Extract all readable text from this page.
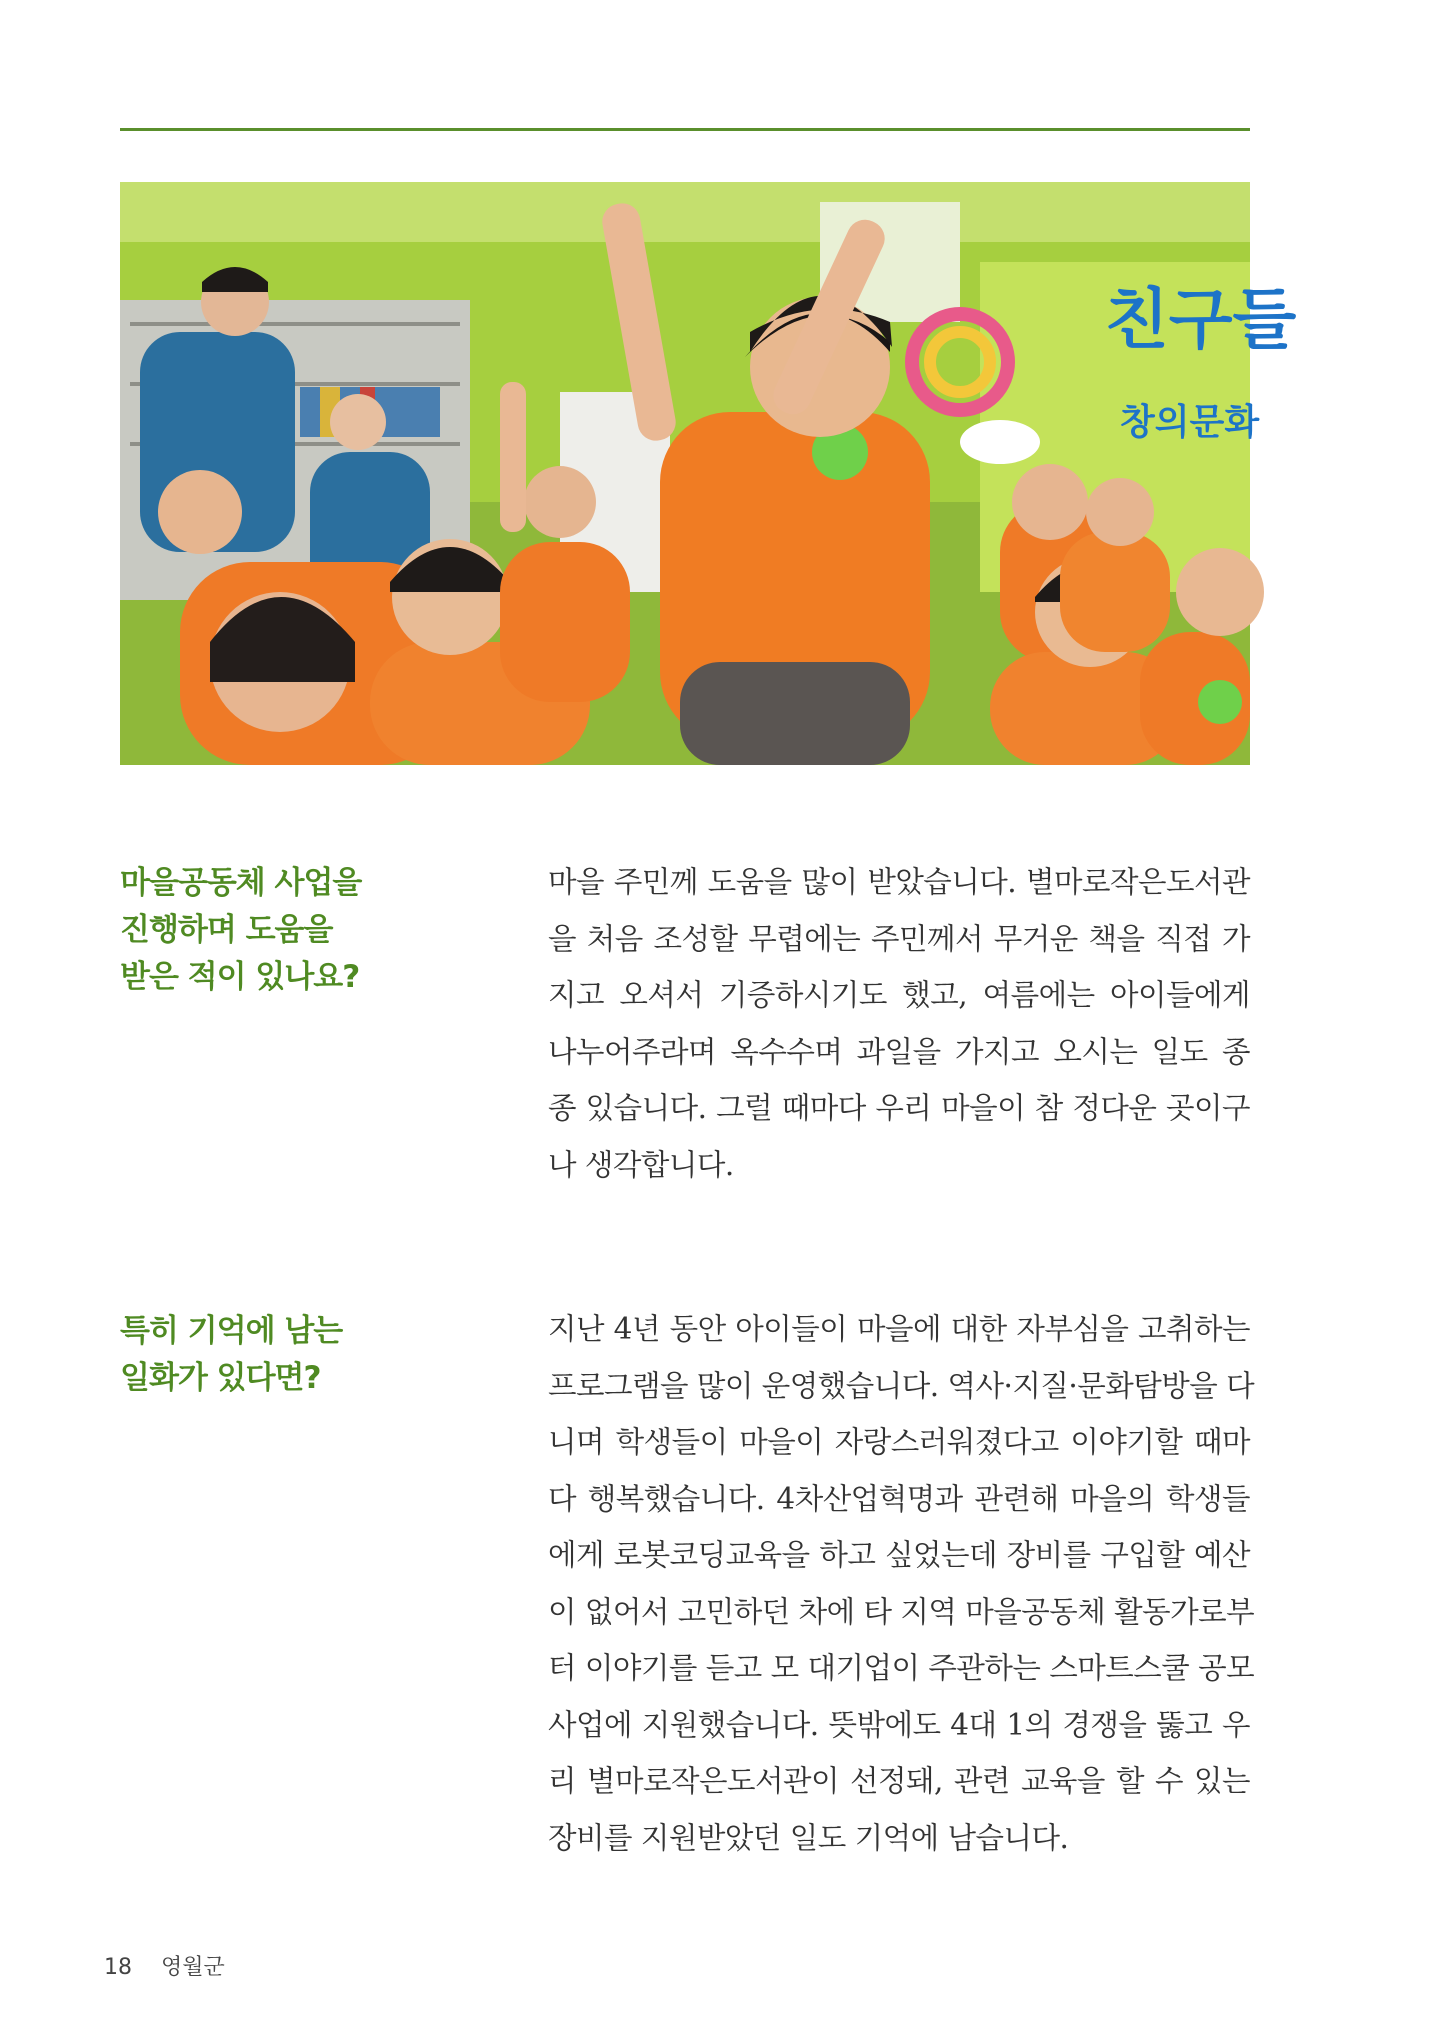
친구들
창의문화
마을공동체 사업을
진행하며 도움을
받은 적이 있나요?
마을 주민께 도움을 많이 받았습니다. 별마로작은도서관
을 처음 조성할 무렵에는 주민께서 무거운 책을 직접 가
지고 오셔서 기증하시기도 했고, 여름에는 아이들에게
나누어주라며 옥수수며 과일을 가지고 오시는 일도 종
종 있습니다. 그럴 때마다 우리 마을이 참 정다운 곳이구
나 생각합니다.
특히 기억에 남는
일화가 있다면?
지난 4년 동안 아이들이 마을에 대한 자부심을 고취하는
프로그램을 많이 운영했습니다. 역사·지질·문화탐방을 다
니며 학생들이 마을이 자랑스러워졌다고 이야기할 때마
다 행복했습니다. 4차산업혁명과 관련해 마을의 학생들
에게 로봇코딩교육을 하고 싶었는데 장비를 구입할 예산
이 없어서 고민하던 차에 타 지역 마을공동체 활동가로부
터 이야기를 듣고 모 대기업이 주관하는 스마트스쿨 공모
사업에 지원했습니다. 뜻밖에도 4대 1의 경쟁을 뚫고 우
리 별마로작은도서관이 선정돼, 관련 교육을 할 수 있는
장비를 지원받았던 일도 기억에 남습니다.
18 영월군
